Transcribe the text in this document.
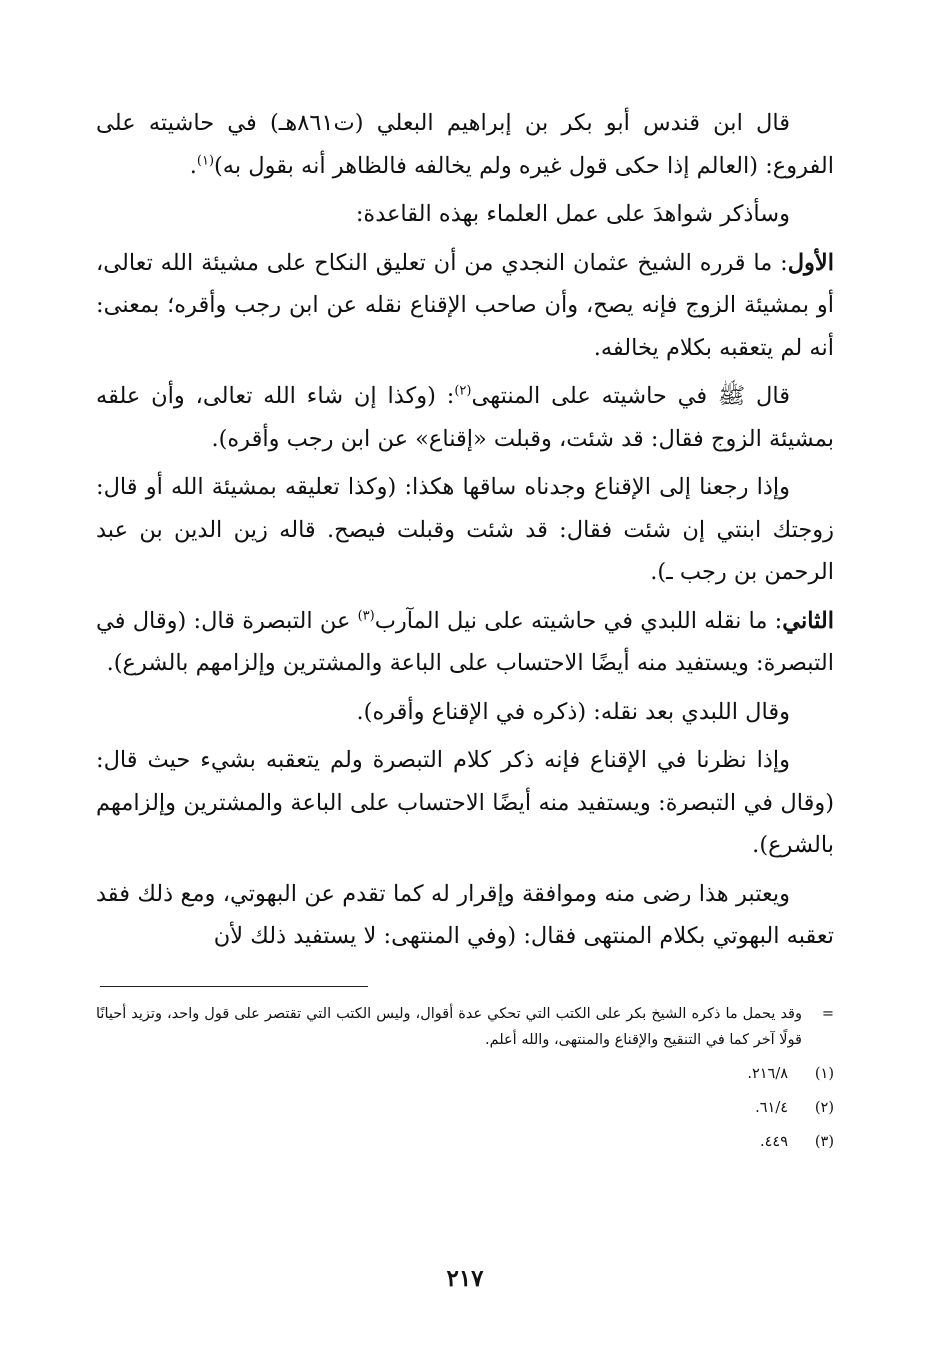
قال ابن قندس أبو بكر بن إبراهيم البعلي (ت٨٦١هـ) في حاشيته على الفروع: (العالم إذا حكى قول غيره ولم يخالفه فالظاهر أنه بقول به)$^{(١)}$.

وسأذكر شواهدَ على عمل العلماء بهذه القاعدة:

الأول: ما قرره الشيخ عثمان النجدي من أن تعليق النكاح على مشيئة الله تعالى، أو بمشيئة الزوج فإنه يصح، وأن صاحب الإقناع نقله عن ابن رجب وأقره؛ بمعنى: أنه لم يتعقبه بكلام يخالفه.

قال ﷺ في حاشيته على المنتهى$^{(٢)}$: (وكذا إن شاء الله تعالى، وأن علقه بمشيئة الزوج فقال: قد شئت، وقبلت «إقناع» عن ابن رجب وأقره).

وإذا رجعنا إلى الإقناع وجدناه ساقها هكذا: (وكذا تعليقه بمشيئة الله أو قال: زوجتك ابنتي إن شئت فقال: قد شئت وقبلت فيصح. قاله زين الدين بن عبد الرحمن بن رجب ـ).

الثاني: ما نقله اللبدي في حاشيته على نيل المآرب$^{(٣)}$ عن التبصرة قال: (وقال في التبصرة: ويستفيد منه أيضًا الاحتساب على الباعة والمشترين وإلزامهم بالشرع).

وقال اللبدي بعد نقله: (ذكره في الإقناع وأقره).

وإذا نظرنا في الإقناع فإنه ذكر كلام التبصرة ولم يتعقبه بشيء حيث قال: (وقال في التبصرة: ويستفيد منه أيضًا الاحتساب على الباعة والمشترين وإلزامهم بالشرع).

ويعتبر هذا رضى منه وموافقة وإقرار له كما تقدم عن البهوتي، ومع ذلك فقد تعقبه البهوتي بكلام المنتهى فقال: (وفي المنتهى: لا يستفيد ذلك لأن

=
وقد يحمل ما ذكره الشيخ بكر على الكتب التي تحكي عدة أقوال، وليس الكتب التي تقتصر على قول واحد، وتزيد أحيانًا قولًا آخر كما في التنقيح والإقناع والمنتهى، والله أعلم.
(١)
٢١٦/٨.
(٢)
٦١/٤.
(٣)
٤٤٩.
٢١٧
